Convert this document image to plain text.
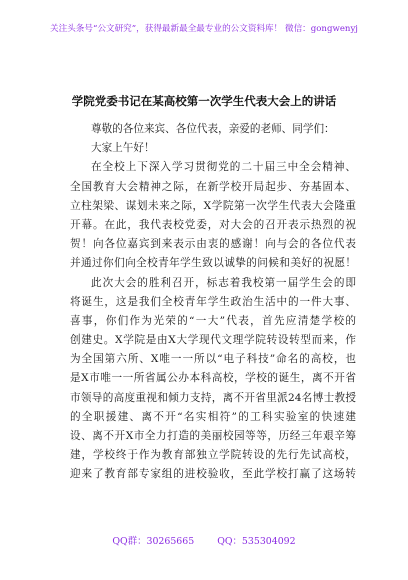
关注头条号“公文研究”，获得最新最全最专业的公文资料库！ 微信：gongwenyj
学院党委书记在某高校第一次学生代表大会上的讲话
尊敬的各位来宾、各位代表，亲爱的老师、同学们：
大家上午好！
在全校上下深入学习贯彻党的二十届三中全会精神、
全国教育大会精神之际，在新学校开局起步、夯基固本、
立柱架梁、谋划未来之际，X学院第一次学生代表大会隆重
开幕。在此，我代表校党委，对大会的召开表示热烈的祝
贺！向各位嘉宾到来表示由衷的感谢！向与会的各位代表
并通过你们向全校青年学生致以诚挚的问候和美好的祝愿！
此次大会的胜利召开，标志着我校第一届学生会的即
将诞生，这是我们全校青年学生政治生活中的一件大事、
喜事，你们作为光荣的“一大”代表，首先应清楚学校的
创建史。X学院是由X大学现代文理学院转设转型而来，作
为全国第六所、X唯一一所以“电子科技”命名的高校，也
是X市唯一一所省属公办本科高校，学校的诞生，离不开省
市领导的高度重视和倾力支持，离不开省里派24名博士教授
的全职援建、离不开“名实相符”的工科实验室的快速建
设、离不开X市全力打造的美丽校园等等，历经三年艰辛筹
建，学校终于作为教育部独立学院转设的先行先试高校，
迎来了教育部专家组的进校验收，至此学校打赢了这场转
QQ群：30265665 QQ：535304092
